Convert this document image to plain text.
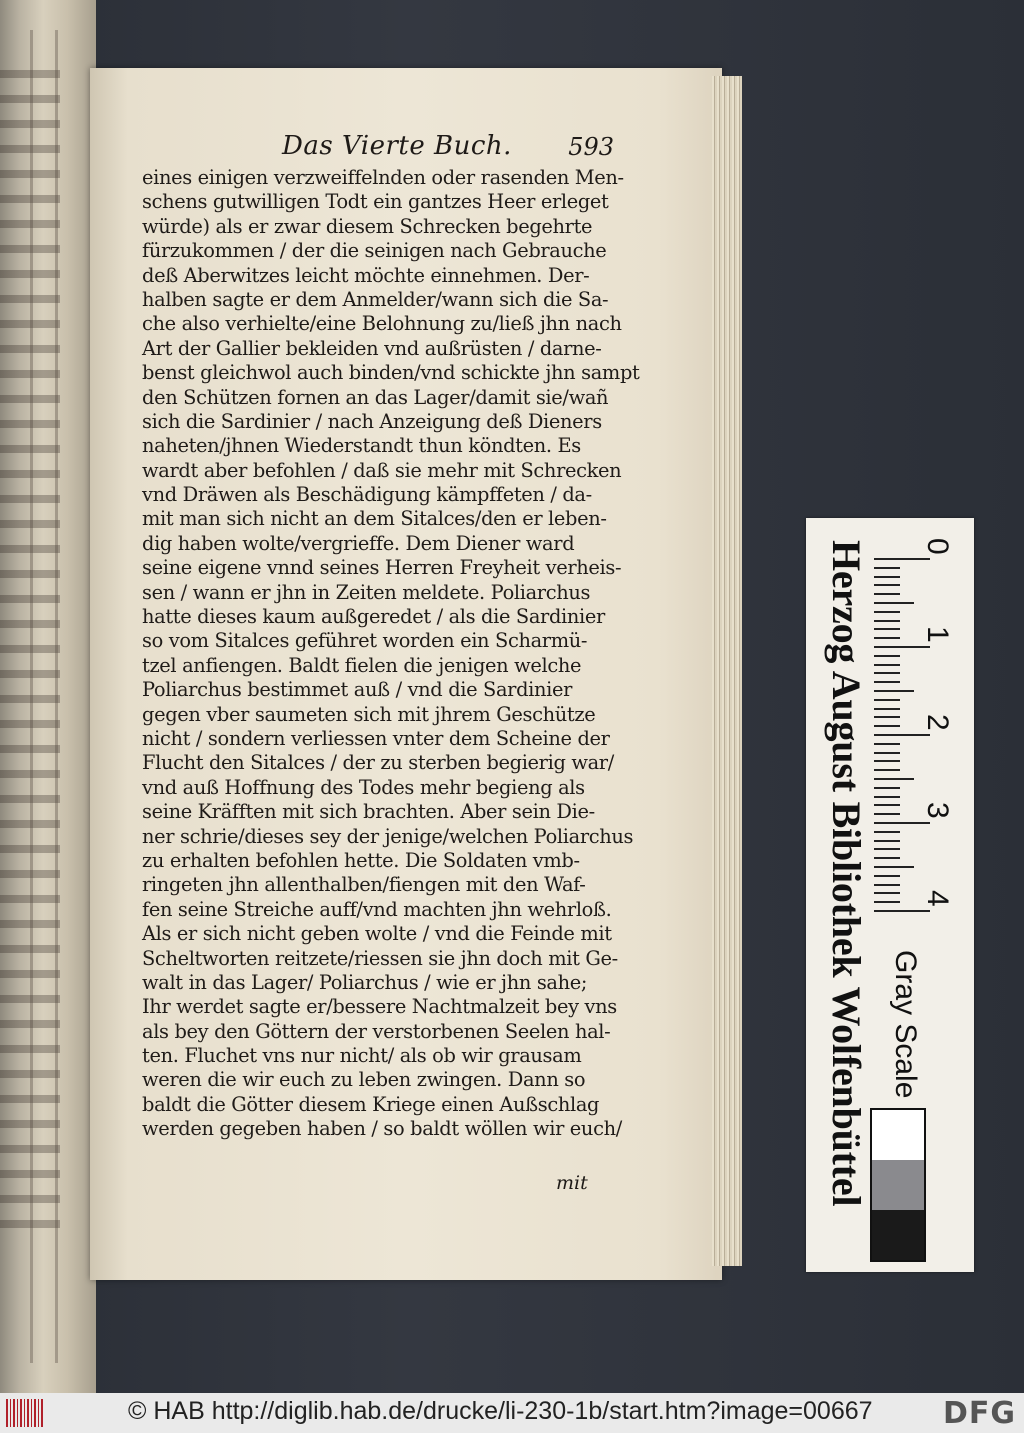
Das Vierte Buch. 593
eines einigen verzweiffelnden oder rasenden Men-
schens gutwilligen Todt ein gantzes Heer erleget
würde) als er zwar diesem Schrecken begehrte
fürzukommen / der die seinigen nach Gebrauche
deß Aberwitzes leicht möchte einnehmen. Der-
halben sagte er dem Anmelder/wann sich die Sa-
che also verhielte/eine Belohnung zu/ließ jhn nach
Art der Gallier bekleiden vnd außrüsten / darne-
benst gleichwol auch binden/vnd schickte jhn sampt
den Schützen fornen an das Lager/damit sie/wañ
sich die Sardinier / nach Anzeigung deß Dieners
naheten/jhnen Wiederstandt thun köndten. Es
wardt aber befohlen / daß sie mehr mit Schrecken
vnd Dräwen als Beschädigung kämpffeten / da-
mit man sich nicht an dem Sitalces/den er leben-
dig haben wolte/vergrieffe. Dem Diener ward
seine eigene vnnd seines Herren Freyheit verheis-
sen / wann er jhn in Zeiten meldete. Poliarchus
hatte dieses kaum außgeredet / als die Sardinier
so vom Sitalces geführet worden ein Scharmü-
tzel anfiengen. Baldt fielen die jenigen welche
Poliarchus bestimmet auß / vnd die Sardinier
gegen vber saumeten sich mit jhrem Geschütze
nicht / sondern verliessen vnter dem Scheine der
Flucht den Sitalces / der zu sterben begierig war/
vnd auß Hoffnung des Todes mehr begieng als
seine Kräfften mit sich brachten. Aber sein Die-
ner schrie/dieses sey der jenige/welchen Poliarchus
zu erhalten befohlen hette. Die Soldaten vmb-
ringeten jhn allenthalben/fiengen mit den Waf-
fen seine Streiche auff/vnd machten jhn wehrloß.
Als er sich nicht geben wolte / vnd die Feinde mit
Scheltworten reitzete/riessen sie jhn doch mit Ge-
walt in das Lager/ Poliarchus / wie er jhn sahe;
Ihr werdet sagte er/bessere Nachtmalzeit bey vns
als bey den Göttern der verstorbenen Seelen hal-
ten. Fluchet vns nur nicht/ als ob wir grausam
weren die wir euch zu leben zwingen. Dann so
baldt die Götter diesem Kriege einen Außschlag
werden gegeben haben / so baldt wöllen wir euch/
mit
0
1
2
3
4
Gray Scale
Herzog August Bibliothek Wolfenbüttel
© HAB http://diglib.hab.de/drucke/li-230-1b/start.htm?image=00667 DFG
